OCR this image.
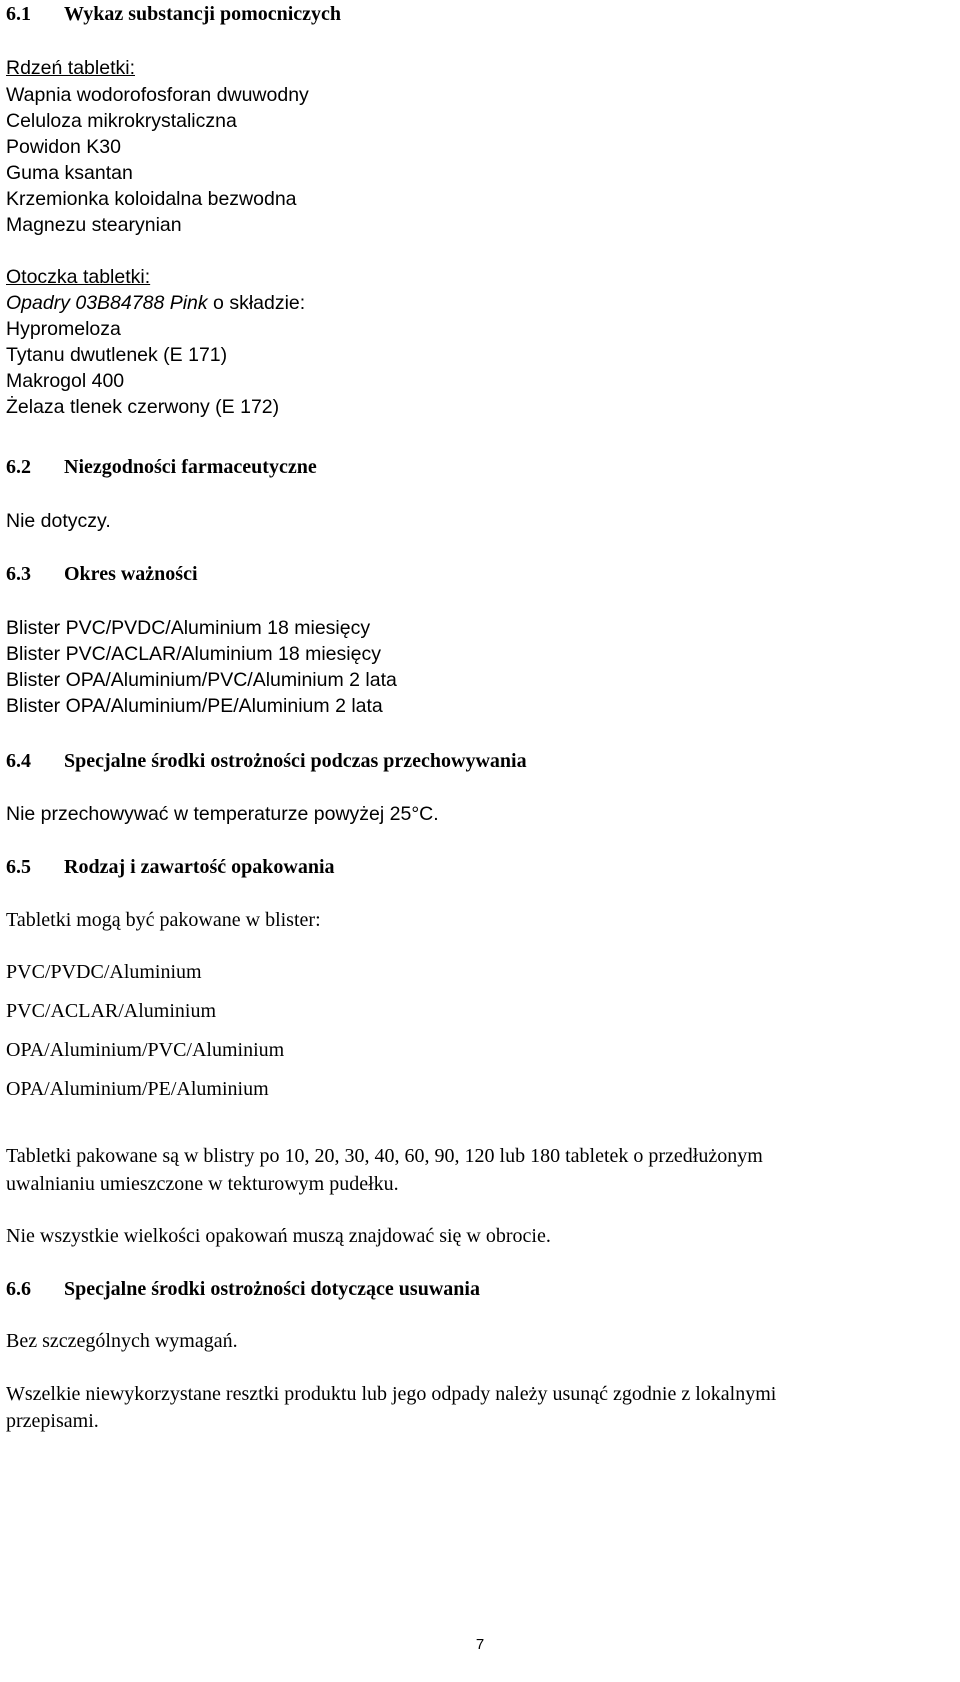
6.1 Wykaz substancji pomocniczych
Rdzeń tabletki:
Wapnia wodorofosforan dwuwodny
Celuloza mikrokrystaliczna
Powidon K30
Guma ksantan
Krzemionka koloidalna bezwodna
Magnezu stearynian
Otoczka tabletki:
Opadry 03B84788 Pink o składzie:
Hypromeloza
Tytanu dwutlenek (E 171)
Makrogol 400
Żelaza tlenek czerwony (E 172)
6.2 Niezgodności farmaceutyczne
Nie dotyczy.
6.3 Okres ważności
Blister PVC/PVDC/Aluminium 18 miesięcy
Blister PVC/ACLAR/Aluminium 18 miesięcy
Blister OPA/Aluminium/PVC/Aluminium 2 lata
Blister OPA/Aluminium/PE/Aluminium 2 lata
6.4 Specjalne środki ostrożności podczas przechowywania
Nie przechowywać w temperaturze powyżej 25°C.
6.5 Rodzaj i zawartość opakowania
Tabletki mogą być pakowane w blister:
PVC/PVDC/Aluminium
PVC/ACLAR/Aluminium
OPA/Aluminium/PVC/Aluminium
OPA/Aluminium/PE/Aluminium
Tabletki pakowane są w blistry po 10, 20, 30, 40, 60, 90, 120 lub 180 tabletek o przedłużonym
uwalnianiu umieszczone w tekturowym pudełku.
Nie wszystkie wielkości opakowań muszą znajdować się w obrocie.
6.6 Specjalne środki ostrożności dotyczące usuwania
Bez szczególnych wymagań.
Wszelkie niewykorzystane resztki produktu lub jego odpady należy usunąć zgodnie z lokalnymi
przepisami.
7
